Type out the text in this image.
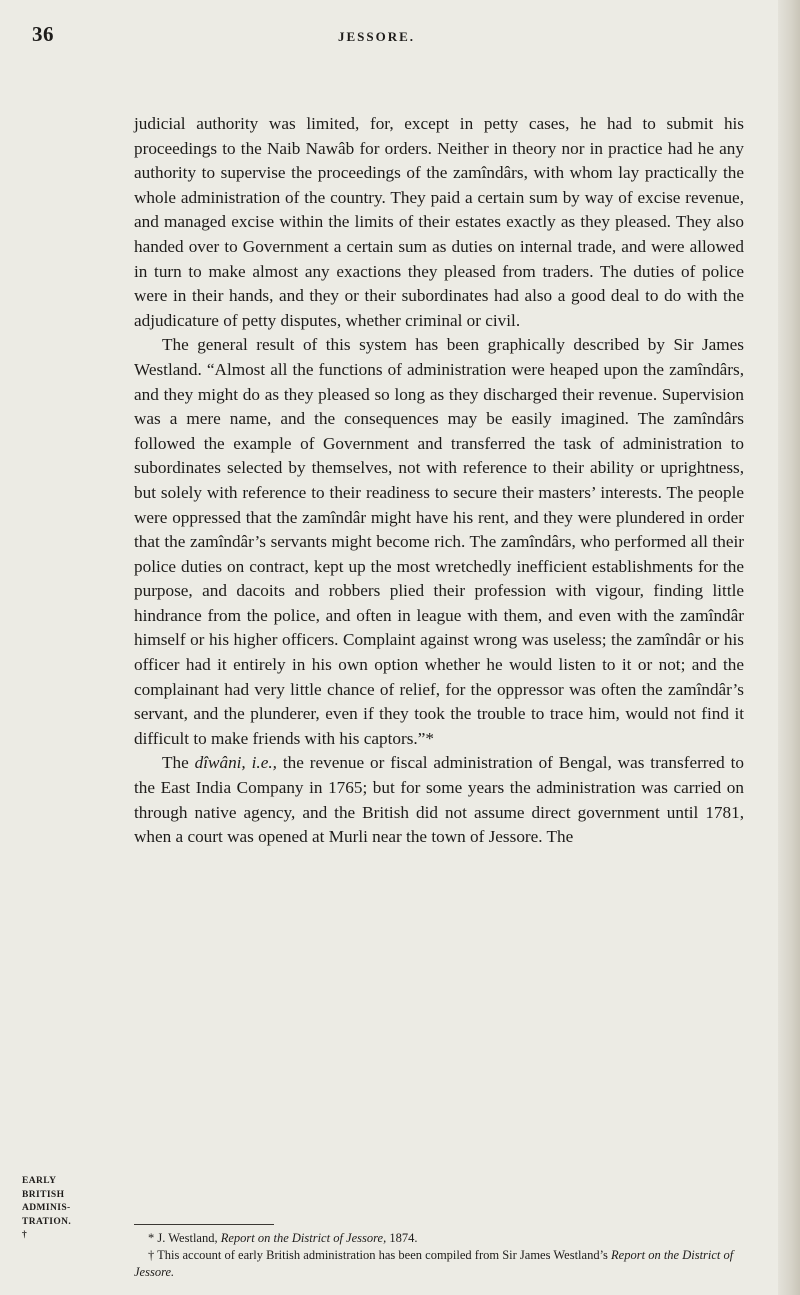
36	JESSORE.

judicial authority was limited, for, except in petty cases, he had to submit his proceedings to the Naib Nawâb for orders. Neither in theory nor in practice had he any authority to supervise the proceedings of the zamîndârs, with whom lay practically the whole administration of the country. They paid a certain sum by way of excise revenue, and managed excise within the limits of their estates exactly as they pleased. They also handed over to Government a certain sum as duties on internal trade, and were allowed in turn to make almost any exactions they pleased from traders. The duties of police were in their hands, and they or their subordinates had also a good deal to do with the adjudicature of petty disputes, whether criminal or civil.

The general result of this system has been graphically described by Sir James Westland. “Almost all the functions of administration were heaped upon the zamîndârs, and they might do as they pleased so long as they discharged their revenue. Supervision was a mere name, and the consequences may be easily imagined. The zamîndârs followed the example of Government and transferred the task of administration to subordinates selected by themselves, not with reference to their ability or uprightness, but solely with reference to their readiness to secure their masters’ interests. The people were oppressed that the zamîndâr might have his rent, and they were plundered in order that the zamîndâr’s servants might become rich. The zamîndârs, who performed all their police duties on contract, kept up the most wretchedly inefficient establishments for the purpose, and dacoits and robbers plied their profession with vigour, finding little hindrance from the police, and often in league with them, and even with the zamîndâr himself or his higher officers. Complaint against wrong was useless; the zamîndâr or his officer had it entirely in his own option whether he would listen to it or not; and the complainant had very little chance of relief, for the oppressor was often the zamîndâr’s servant, and the plunderer, even if they took the trouble to trace him, would not find it difficult to make friends with his captors.”*

The dîwâni, i.e., the revenue or fiscal administration of Bengal, was transferred to the East India Company in 1765; but for some years the administration was carried on through native agency, and the British did not assume direct government until 1781, when a court was opened at Murli near the town of Jessore. The

EARLY
BRITISH
ADMINIS-
TRATION.
†	* J. Westland, Report on the District of Jessore, 1874.

† This account of early British administration has been compiled from Sir James Westland’s Report on the District of Jessore.
